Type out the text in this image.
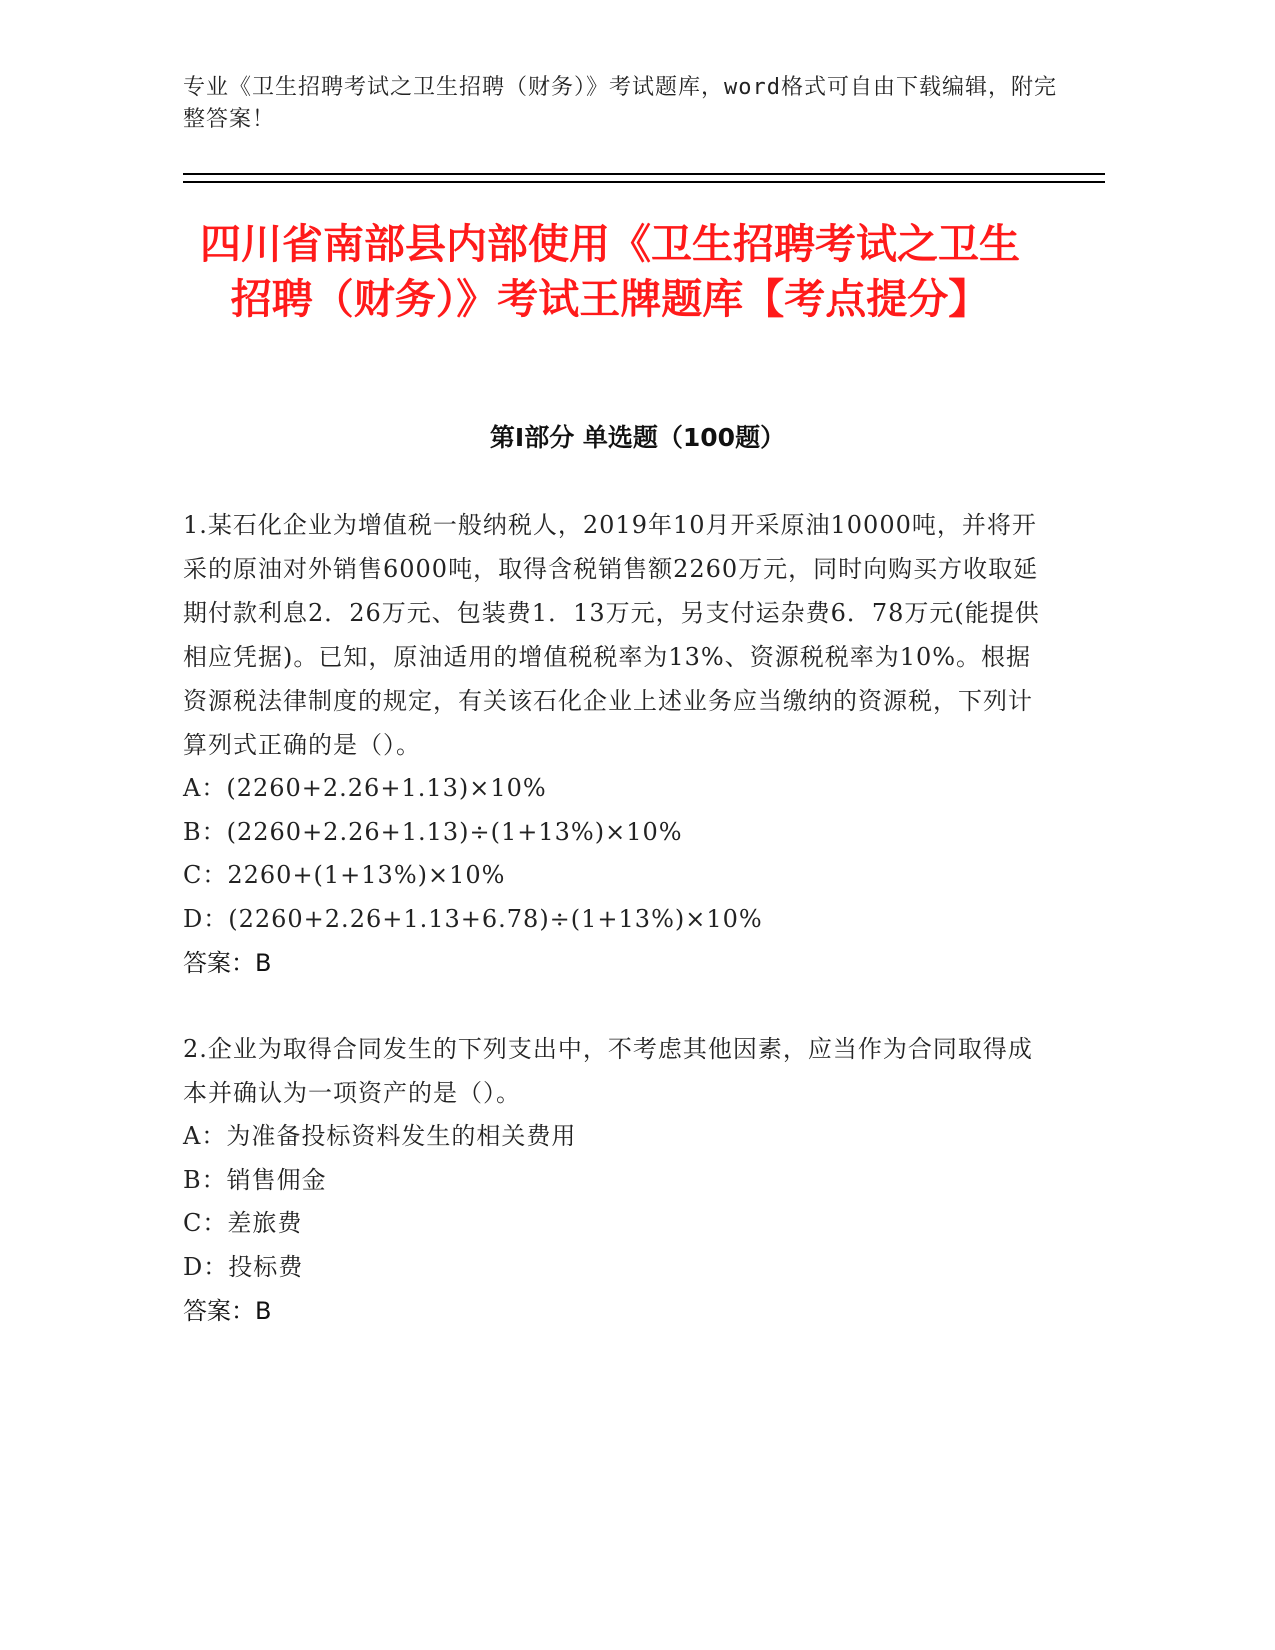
专业《卫生招聘考试之卫生招聘（财务）》考试题库，word格式可自由下载编辑，附完整答案！
四川省南部县内部使用《卫生招聘考试之卫生招聘（财务）》考试王牌题库【考点提分】
第I部分 单选题（100题）
1.某石化企业为增值税一般纳税人，2019年10月开采原油10000吨，并将开采的原油对外销售6000吨，取得含税销售额2260万元，同时向购买方收取延期付款利息2．26万元、包装费1．13万元，另支付运杂费6．78万元(能提供相应凭据)。已知，原油适用的增值税税率为13%、资源税税率为10%。根据资源税法律制度的规定，有关该石化企业上述业务应当缴纳的资源税，下列计算列式正确的是（）。
A：(2260+2.26+1.13)×10%
B：(2260+2.26+1.13)÷(1+13%)×10%
C：2260+(1+13%)×10%
D：(2260+2.26+1.13+6.78)÷(1+13%)×10%
答案：B
2.企业为取得合同发生的下列支出中，不考虑其他因素，应当作为合同取得成本并确认为一项资产的是（）。
A：为准备投标资料发生的相关费用
B：销售佣金
C：差旅费
D：投标费
答案：B
